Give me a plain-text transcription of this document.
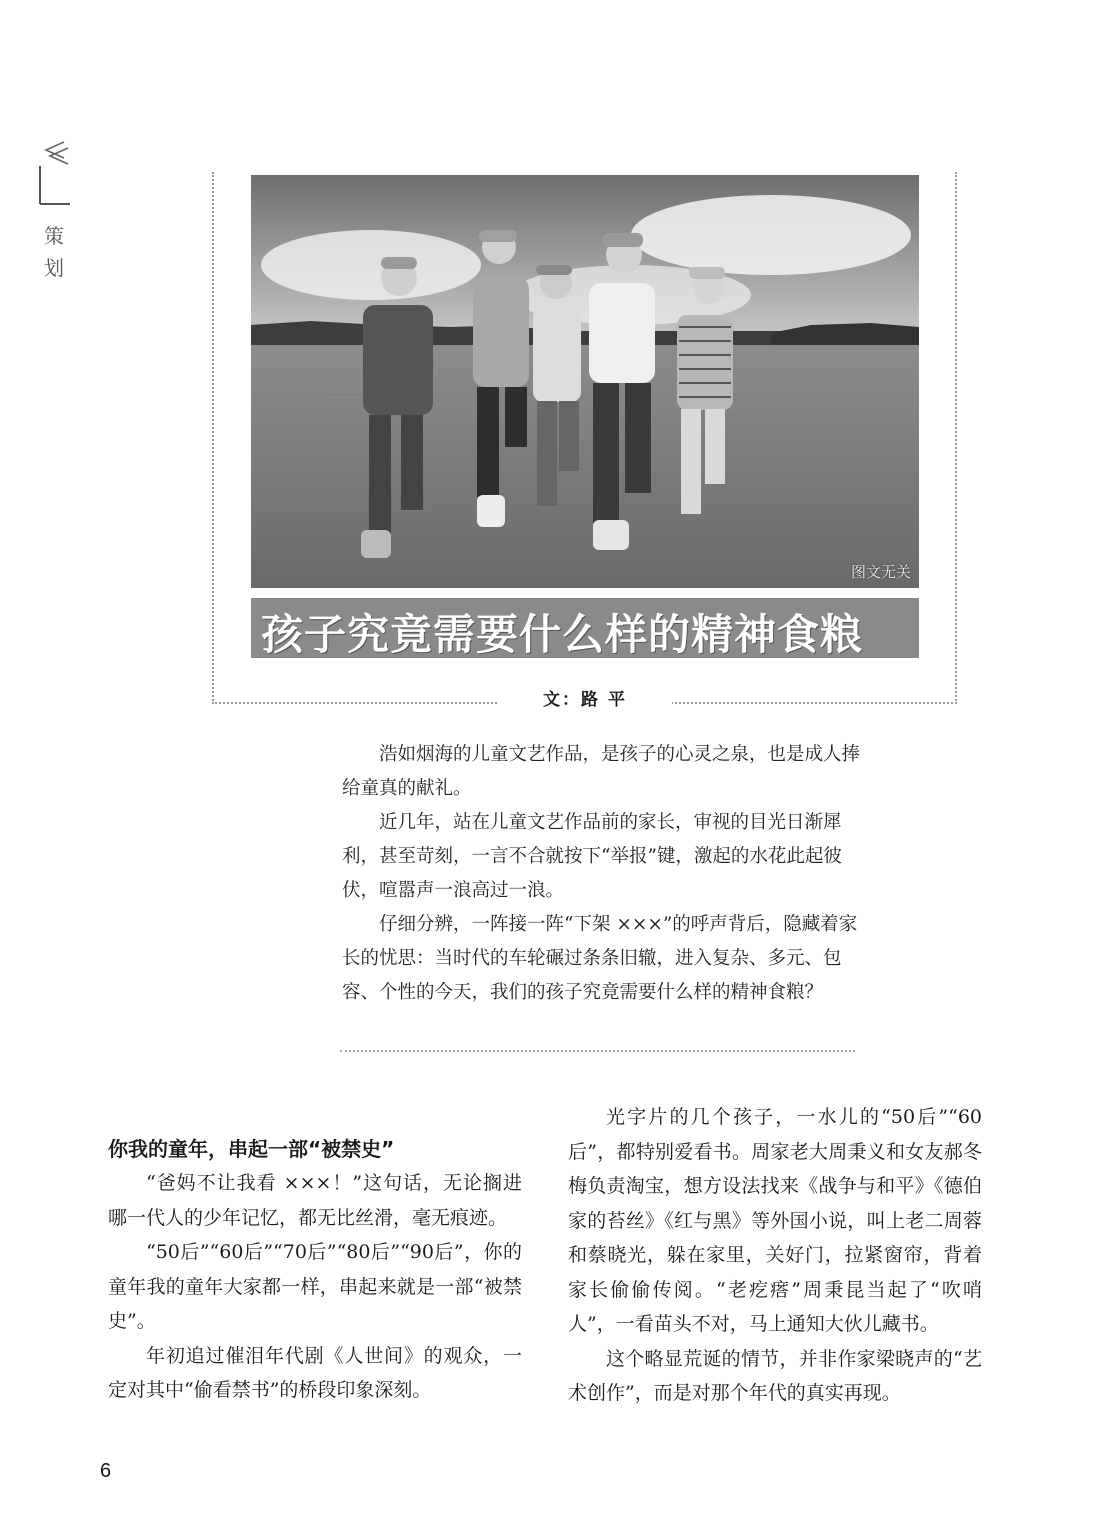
策
划
图文无关
孩子究竟需要什么样的精神食粮
文：路 平

浩如烟海的儿童文艺作品，是孩子的心灵之泉，也是成人捧给童真的献礼。

近几年，站在儿童文艺作品前的家长，审视的目光日渐犀利，甚至苛刻，一言不合就按下“举报”键，激起的水花此起彼伏，喧嚣声一浪高过一浪。

仔细分辨，一阵接一阵“下架 ×××”的呼声背后，隐藏着家长的忧思：当时代的车轮碾过条条旧辙，进入复杂、多元、包容、个性的今天，我们的孩子究竟需要什么样的精神食粮？

你我的童年，串起一部“被禁史”

“爸妈不让我看 ×××！”这句话，无论搁进哪一代人的少年记忆，都无比丝滑，毫无痕迹。

“50后”“60后”“70后”“80后”“90后”，你的童年我的童年大家都一样，串起来就是一部“被禁史”。

年初追过催泪年代剧《人世间》的观众，一定对其中“偷看禁书”的桥段印象深刻。

光字片的几个孩子，一水儿的“50后”“60后”，都特别爱看书。周家老大周秉义和女友郝冬梅负责淘宝，想方设法找来《战争与和平》《德伯家的苔丝》《红与黑》等外国小说，叫上老二周蓉和蔡晓光，躲在家里，关好门，拉紧窗帘，背着家长偷偷传阅。“老疙瘩”周秉昆当起了“吹哨人”，一看苗头不对，马上通知大伙儿藏书。

这个略显荒诞的情节，并非作家梁晓声的“艺术创作”，而是对那个年代的真实再现。

6
